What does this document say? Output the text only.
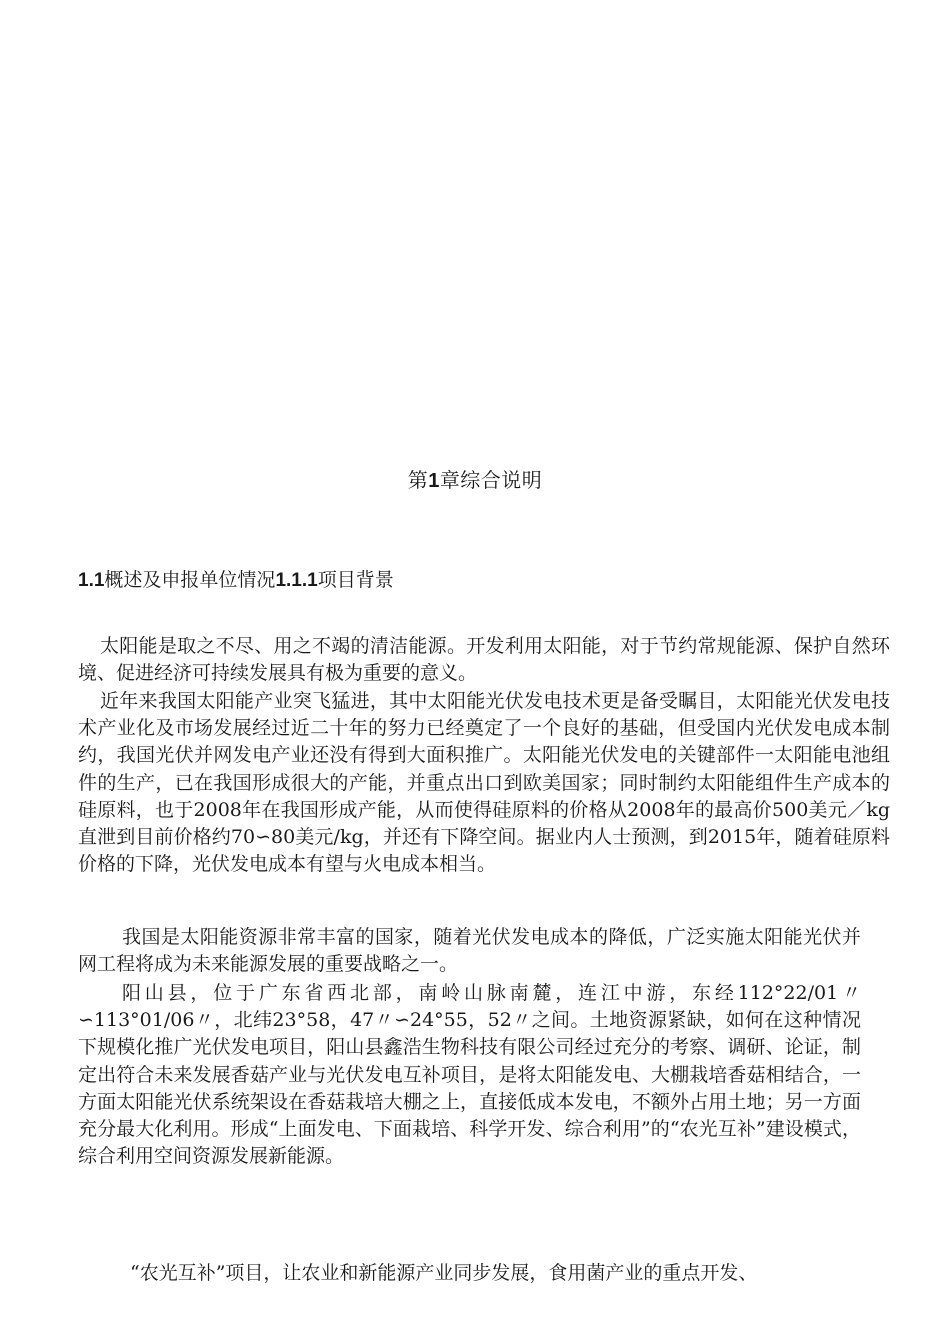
第1章综合说明
1.1概述及申报单位情况1.1.1项目背景

太阳能是取之不尽、用之不竭的清洁能源。开发利用太阳能，对于节约常规能源、保护自然环境、促进经济可持续发展具有极为重要的意义。

近年来我国太阳能产业突飞猛进，其中太阳能光伏发电技术更是备受瞩目，太阳能光伏发电技术产业化及市场发展经过近二十年的努力已经奠定了一个良好的基础，但受国内光伏发电成本制约，我国光伏并网发电产业还没有得到大面积推广。太阳能光伏发电的关键部件一太阳能电池组件的生产，已在我国形成很大的产能，并重点出口到欧美国家；同时制约太阳能组件生产成本的硅原料，也于2008年在我国形成产能，从而使得硅原料的价格从2008年的最高价500美元／kg直泄到目前价格约70∽80美元/kg，并还有下降空间。据业内人士预测，到2015年，随着硅原料价格的下降，光伏发电成本有望与火电成本相当。

我国是太阳能资源非常丰富的国家，随着光伏发电成本的降低，广泛实施太阳能光伏并网工程将成为未来能源发展的重要战略之一。

阳山县，位于广东省西北部，南岭山脉南麓，连江中游，东经112°22/01〃∽113°01/06〃，北纬23°58，47〃∽24°55，52〃之间。土地资源紧缺，如何在这种情况下规模化推广光伏发电项目，阳山县鑫浩生物科技有限公司经过充分的考察、调研、论证，制定出符合未来发展香菇产业与光伏发电互补项目，是将太阳能发电、大棚栽培香菇相结合，一方面太阳能光伏系统架设在香菇栽培大棚之上，直接低成本发电，不额外占用土地；另一方面充分最大化利用。形成“上面发电、下面栽培、科学开发、综合利用”的“农光互补”建设模式，综合利用空间资源发展新能源。

“农光互补”项目，让农业和新能源产业同步发展，食用菌产业的重点开发、
